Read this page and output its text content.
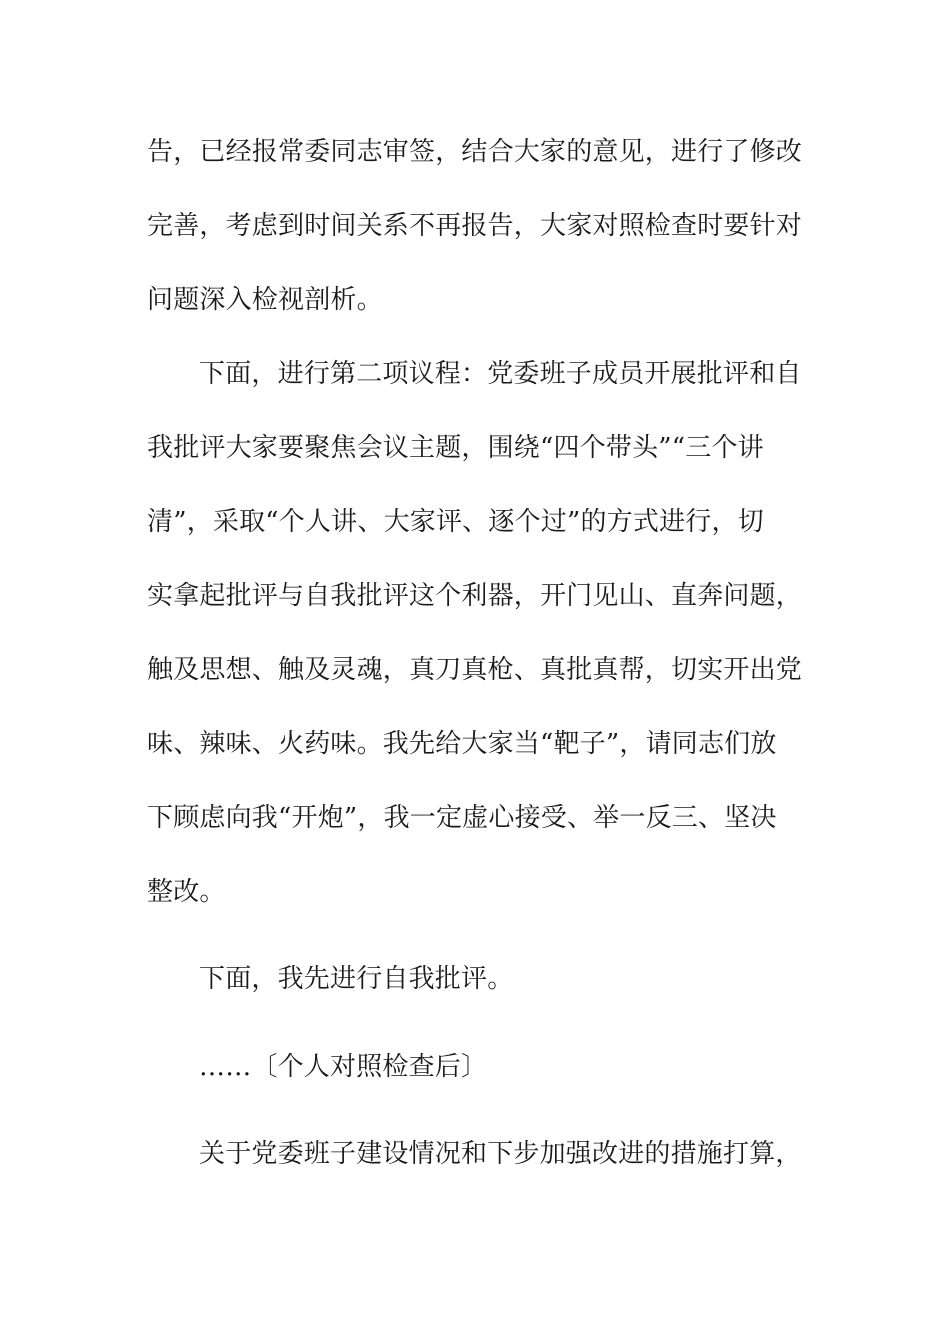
告，已经报常委同志审签，结合大家的意见，进行了修改
完善，考虑到时间关系不再报告，大家对照检查时要针对
问题深入检视剖析。
下面，进行第二项议程：党委班子成员开展批评和自
我批评大家要聚焦会议主题，围绕“四个带头”“三个讲
清”，采取“个人讲、大家评、逐个过”的方式进行，切
实拿起批评与自我批评这个利器，开门见山、直奔问题，
触及思想、触及灵魂，真刀真枪、真批真帮，切实开出党
味、辣味、火药味。我先给大家当“靶子”，请同志们放
下顾虑向我“开炮”，我一定虚心接受、举一反三、坚决
整改。
下面，我先进行自我批评。
……〔个人对照检查后〕
关于党委班子建设情况和下步加强改进的措施打算，
